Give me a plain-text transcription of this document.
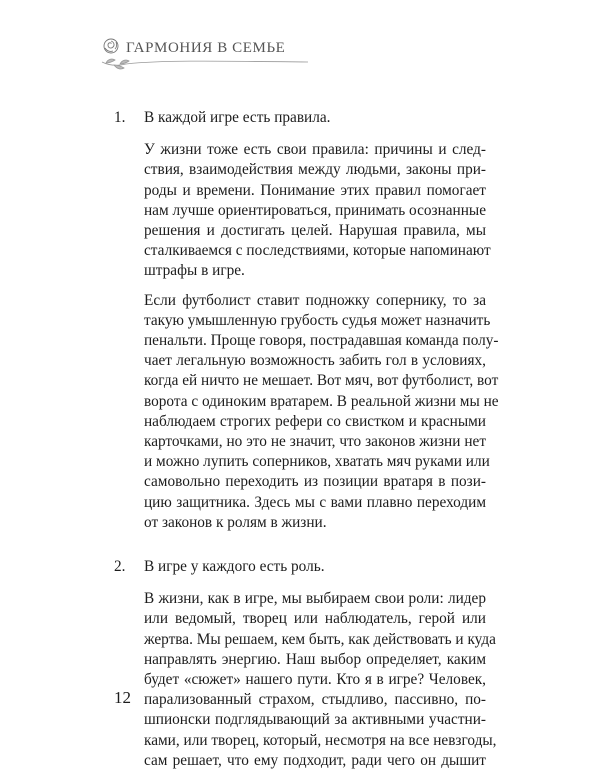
ГАРМОНИЯ В СЕМЬЕ

1. В каждой игре есть правила.

У жизни тоже есть свои правила: причины и след-
ствия, взаимодействия между людьми, законы при-
роды и времени. Понимание этих правил помогает
нам лучше ориентироваться, принимать осознанные
решения и достигать целей. Нарушая правила, мы
сталкиваемся с последствиями, которые напоминают
штрафы в игре.

Если футболист ставит подножку сопернику, то за
такую умышленную грубость судья может назначить
пенальти. Проще говоря, пострадавшая команда полу-
чает легальную возможность забить гол в условиях,
когда ей ничто не мешает. Вот мяч, вот футболист, вот
ворота с одиноким вратарем. В реальной жизни мы не
наблюдаем строгих рефери со свистком и красными
карточками, но это не значит, что законов жизни нет
и можно лупить соперников, хватать мяч руками или
самовольно переходить из позиции вратаря в пози-
цию защитника. Здесь мы с вами плавно переходим
от законов к ролям в жизни.

2. В игре у каждого есть роль.

В жизни, как в игре, мы выбираем свои роли: лидер
или ведомый, творец или наблюдатель, герой или
жертва. Мы решаем, кем быть, как действовать и куда
направлять энергию. Наш выбор определяет, каким
будет «сюжет» нашего пути. Кто я в игре? Человек,
парализованный страхом, стыдливо, пассивно, по-
шпионски подглядывающий за активными участни-
ками, или творец, который, несмотря на все невзгоды,
сам решает, что ему подходит, ради чего он дышит

12
